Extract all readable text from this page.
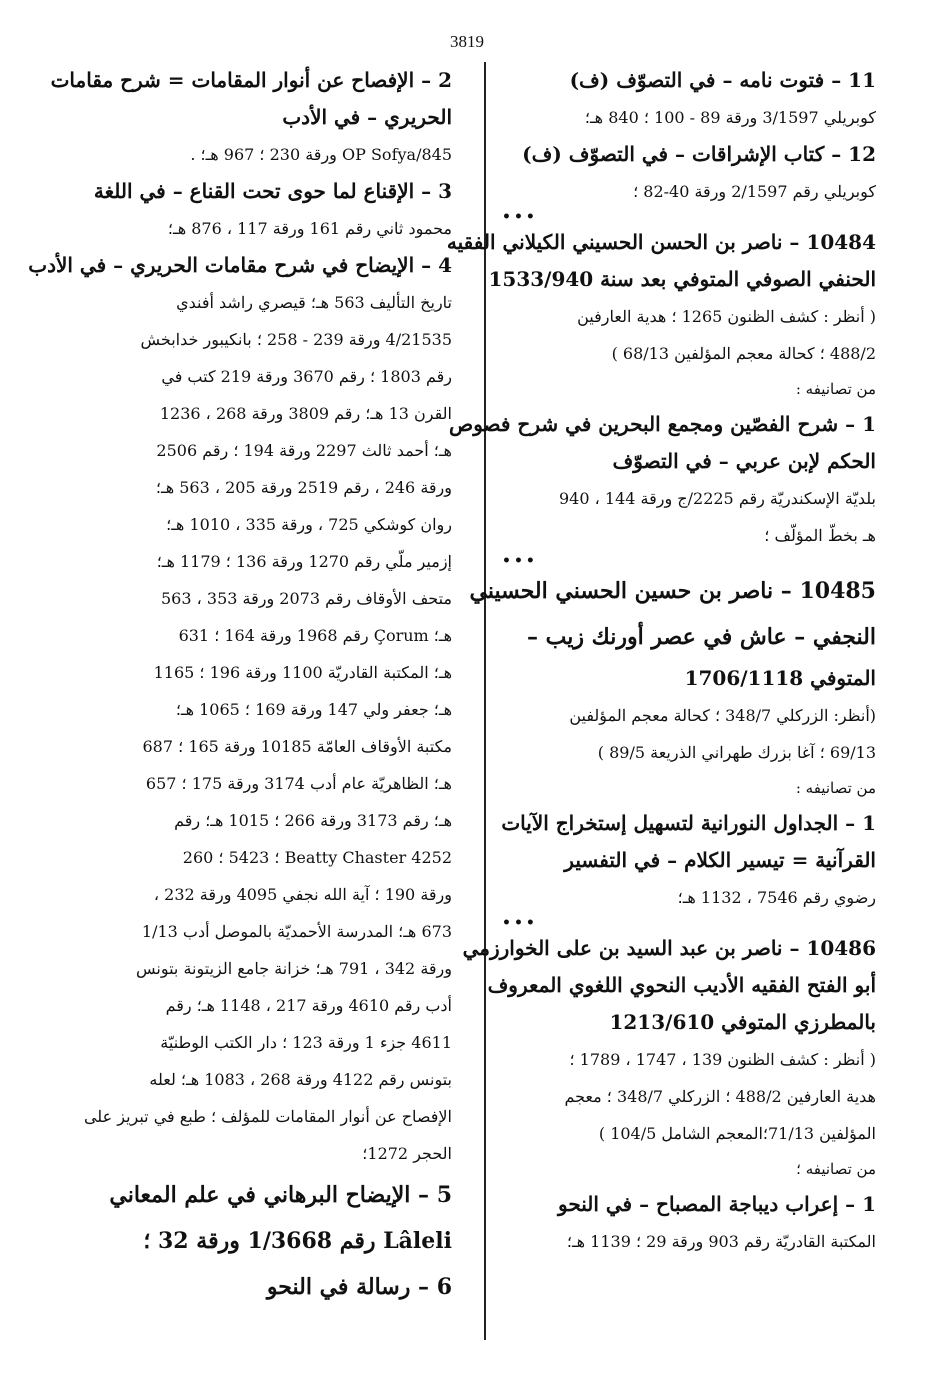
3819
11 – فتوت نامه – في التصوّف (ف)
كوبريلي 3/1597 ورقة 89 - 100 ؛ 840 هـ؛
12 – كتاب الإشراقات – في التصوّف (ف)
كوبريلي رقم 2/1597 ورقة 40-82 ؛
•••
10484 – ناصر بن الحسن الحسيني الكيلاني الفقيه
الحنفي الصوفي المتوفي بعد سنة 1533/940
( أنظر : كشف الظنون 1265 ؛ هدية العارفين
488/2 ؛ كحالة معجم المؤلفين 68/13 )
من تصانيفه :
1 – شرح الفصّين ومجمع البحرين في شرح فصوص
الحكم لإبن عربي – في التصوّف
بلديّة الإسكندريّة رقم 2225/ج ورقة 144 ، 940
هـ بخطّ المؤلّف ؛
•••
10485 – ناصر بن حسين الحسني الحسيني
النجفي – عاش في عصر أورنك زيب –
المتوفي 1706/1118
(أنظر: الزركلي 348/7 ؛ كحالة معجم المؤلفين
69/13 ؛ آغا بزرك طهراني الذريعة 89/5 )
من تصانيفه :
1 – الجداول النورانية لتسهيل إستخراج الآيات
القرآنية = تيسير الكلام – في التفسير
رضوي رقم 7546 ، 1132 هـ؛
•••
10486 – ناصر بن عبد السيد بن على الخوارزمي
أبو الفتح الفقيه الأديب النحوي اللغوي المعروف
بالمطرزي المتوفي 1213/610
( أنظر : كشف الظنون 139 ، 1747 ، 1789 ؛
هدية العارفين 488/2 ؛ الزركلي 348/7 ؛ معجم
المؤلفين 71/13؛المعجم الشامل 104/5 )
من تصانيفه ؛
1 – إعراب ديباجة المصباح – في النحو
المكتبة القادريّة رقم 903 ورقة 29 ؛ 1139 هـ؛
2 – الإفصاح عن أنوار المقامات = شرح مقامات
الحريري – في الأدب
845/OP Sofya ورقة 230 ؛ 967 هـ؛ .
3 – الإقناع لما حوى تحت القناع – في اللغة
محمود ثاني رقم 161 ورقة 117 ، 876 هـ؛
4 – الإيضاح في شرح مقامات الحريري – في الأدب
تاريخ التأليف 563 هـ؛ قيصري راشد أفندي
4/21535 ورقة 239 - 258 ؛ بانكيبور خدابخش
رقم 1803 ؛ رقم 3670 ورقة 219 كتب في
القرن 13 هـ؛ رقم 3809 ورقة 268 ، 1236
هـ؛ أحمد ثالث 2297 ورقة 194 ؛ رقم 2506
ورقة 246 ، رقم 2519 ورقة 205 ، 563 هـ؛
روان كوشكي 725 ، ورقة 335 ، 1010 هـ؛
إزمير ملّي رقم 1270 ورقة 136 ؛ 1179 هـ؛
متحف الأوقاف رقم 2073 ورقة 353 ، 563
هـ؛ Çorum رقم 1968 ورقة 164 ؛ 631
هـ؛ المكتبة القادريّة 1100 ورقة 196 ؛ 1165
هـ؛ جعفر ولي 147 ورقة 169 ؛ 1065 هـ؛
مكتبة الأوقاف العامّة 10185 ورقة 165 ؛ 687
هـ؛ الظاهريّة عام أدب 3174 ورقة 175 ؛ 657
هـ؛ رقم 3173 ورقة 266 ؛ 1015 هـ؛ رقم
4252 Beatty Chaster ؛ 5423 ؛ 260
ورقة 190 ؛ آية الله نجفي 4095 ورقة 232 ،
673 هـ؛ المدرسة الأحمديّة بالموصل أدب 1/13
ورقة 342 ، 791 هـ؛ خزانة جامع الزيتونة بتونس
أدب رقم 4610 ورقة 217 ، 1148 هـ؛ رقم
4611 جزء 1 ورقة 123 ؛ دار الكتب الوطنيّة
بتونس رقم 4122 ورقة 268 ، 1083 هـ؛ لعله
الإفصاح عن أنوار المقامات للمؤلف ؛ طبع في تبريز على
الحجر 1272؛
5 – الإيضاح البرهاني في علم المعاني
Lâleli رقم 1/3668 ورقة 32 ؛
6 – رسالة في النحو
